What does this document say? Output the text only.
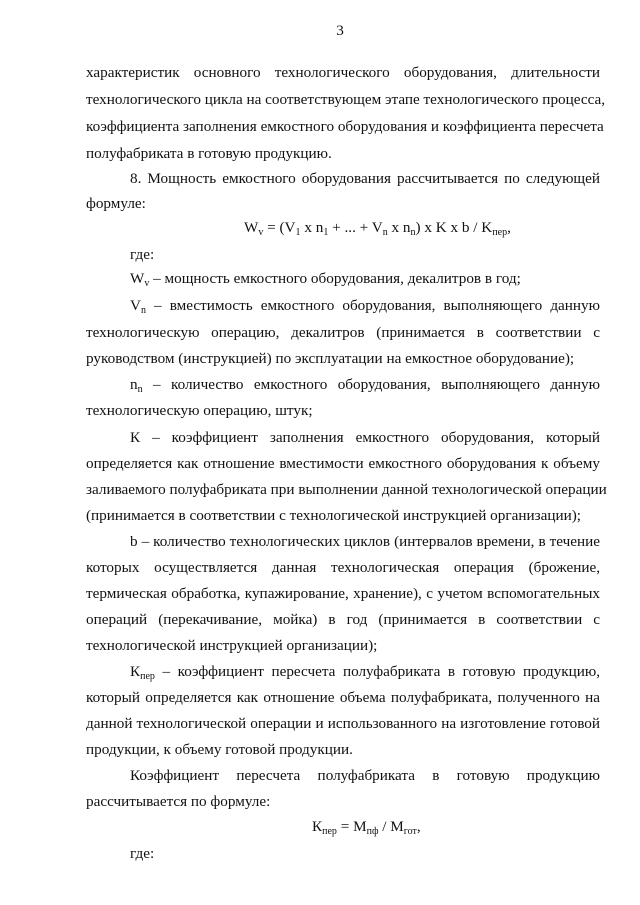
3
характеристик основного технологического оборудования, длительности
технологического цикла на соответствующем этапе технологического процесса,
коэффициента заполнения емкостного оборудования и коэффициента пересчета
полуфабриката в готовую продукцию.
8. Мощность емкостного оборудования рассчитывается по следующей
формуле:
$W_v = (V_1$ x $n_1$ + ... + $V_n$ x $n_n$) x K x b / $K_{пер}$,
где:
$W_v$ – мощность емкостного оборудования, декалитров в год;
$V_n$ – вместимость емкостного оборудования, выполняющего данную
технологическую операцию, декалитров (принимается в соответствии с
руководством (инструкцией) по эксплуатации на емкостное оборудование);
$n_n$ – количество емкостного оборудования, выполняющего данную
технологическую операцию, штук;
К – коэффициент заполнения емкостного оборудования, который
определяется как отношение вместимости емкостного оборудования к объему
заливаемого полуфабриката при выполнении данной технологической операции
(принимается в соответствии с технологической инструкцией организации);
b – количество технологических циклов (интервалов времени, в течение
которых осуществляется данная технологическая операция (брожение,
термическая обработка, купажирование, хранение), с учетом вспомогательных
операций (перекачивание, мойка) в год (принимается в соответствии с
технологической инструкцией организации);
$К_{пер}$ – коэффициент пересчета полуфабриката в готовую продукцию,
который определяется как отношение объема полуфабриката, полученного на
данной технологической операции и использованного на изготовление готовой
продукции, к объему готовой продукции.
Коэффициент пересчета полуфабриката в готовую продукцию
рассчитывается по формуле:
$К_{пер} = М_{пф} / М_{гот}$,
где:
